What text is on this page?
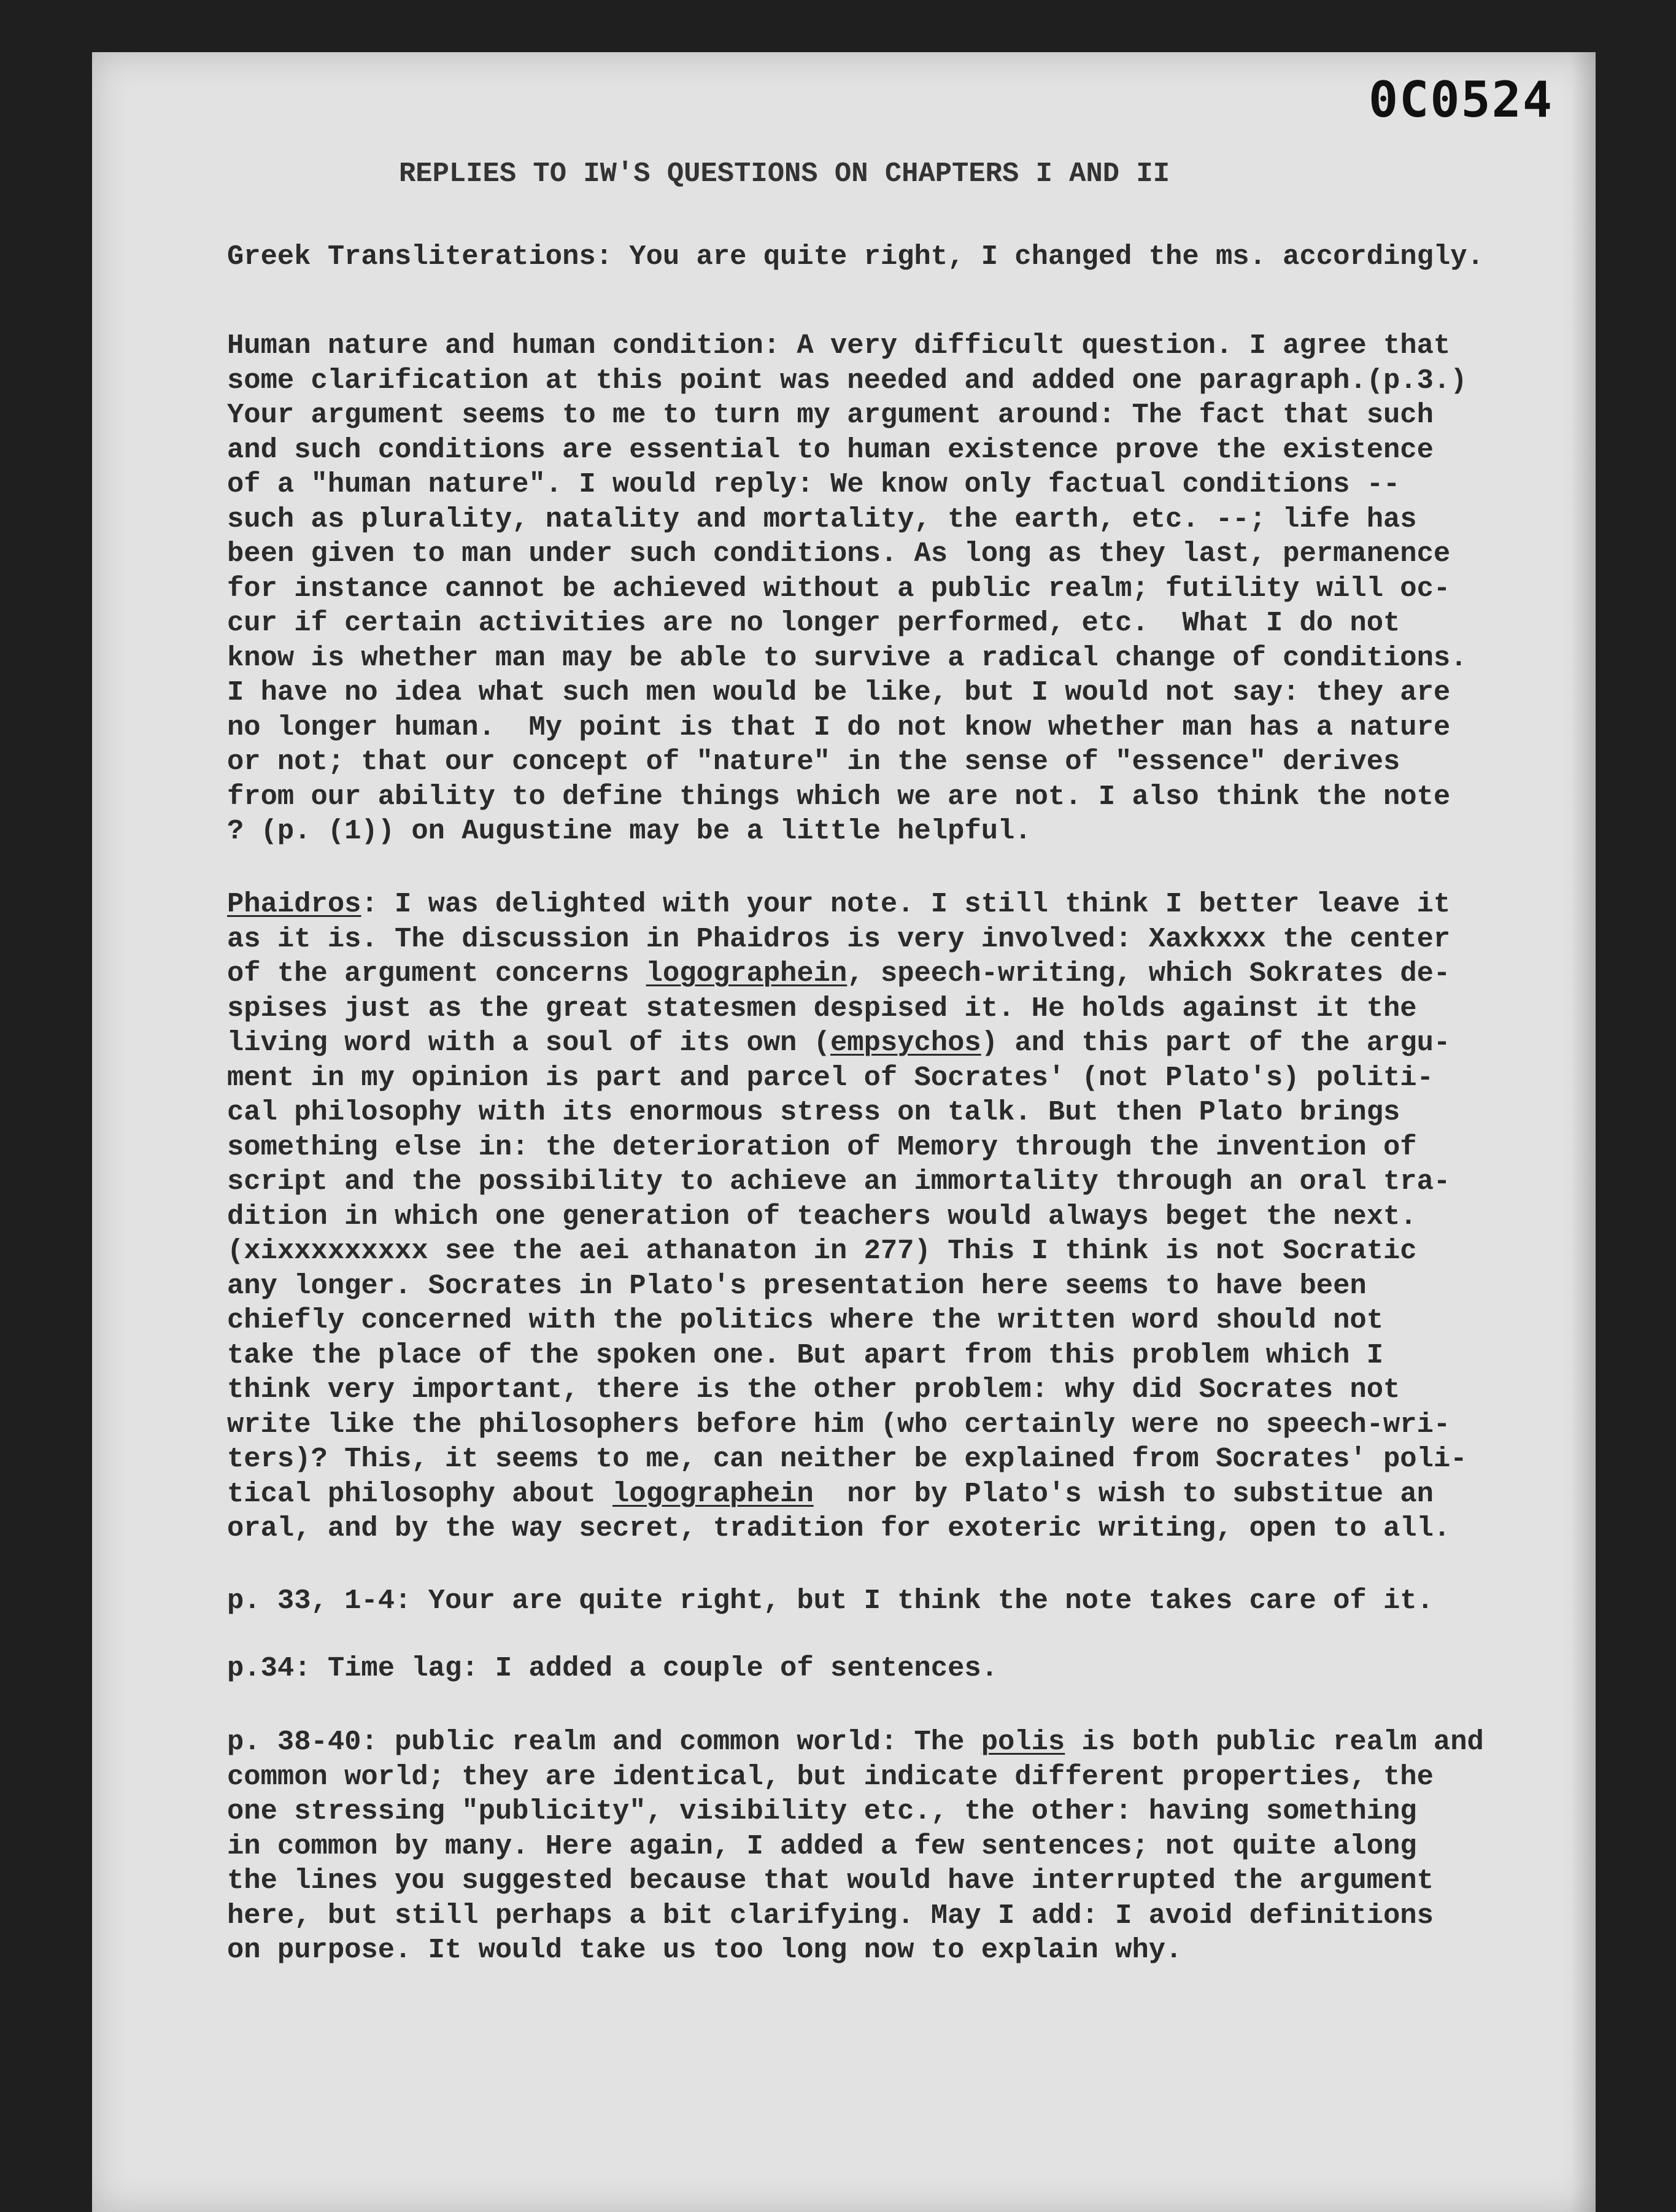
0C0524
REPLIES TO IW'S QUESTIONS ON CHAPTERS I AND II
Greek Transliterations: You are quite right, I changed the ms. accordingly.
Human nature and human condition: A very difficult question. I agree that
some clarification at this point was needed and added one paragraph.(p.3.)
Your argument seems to me to turn my argument around: The fact that such
and such conditions are essential to human existence prove the existence
of a "human nature". I would reply: We know only factual conditions --
such as plurality, natality and mortality, the earth, etc. --; life has
been given to man under such conditions. As long as they last, permanence
for instance cannot be achieved without a public realm; futility will oc-
cur if certain activities are no longer performed, etc.  What I do not
know is whether man may be able to survive a radical change of conditions.
I have no idea what such men would be like, but I would not say: they are
no longer human.  My point is that I do not know whether man has a nature
or not; that our concept of "nature" in the sense of "essence" derives
from our ability to define things which we are not. I also think the note
? (p. (1)) on Augustine may be a little helpful.
Phaidros: I was delighted with your note. I still think I better leave it
as it is. The discussion in Phaidros is very involved: Xaxkxxx the center
of the argument concerns logographein, speech-writing, which Sokrates de-
spises just as the great statesmen despised it. He holds against it the
living word with a soul of its own (empsychos) and this part of the argu-
ment in my opinion is part and parcel of Socrates' (not Plato's) politi-
cal philosophy with its enormous stress on talk. But then Plato brings
something else in: the deterioration of Memory through the invention of
script and the possibility to achieve an immortality through an oral tra-
dition in which one generation of teachers would always beget the next.
(xixxxxxxxxx see the aei athanaton in 277) This I think is not Socratic
any longer. Socrates in Plato's presentation here seems to have been
chiefly concerned with the politics where the written word should not
take the place of the spoken one. But apart from this problem which I
think very important, there is the other problem: why did Socrates not
write like the philosophers before him (who certainly were no speech-wri-
ters)? This, it seems to me, can neither be explained from Socrates' poli-
tical philosophy about logographein  nor by Plato's wish to substitue an
oral, and by the way secret, tradition for exoteric writing, open to all.
p. 33, 1-4: Your are quite right, but I think the note takes care of it.
p.34: Time lag: I added a couple of sentences.
p. 38-40: public realm and common world: The polis is both public realm and
common world; they are identical, but indicate different properties, the
one stressing "publicity", visibility etc., the other: having something
in common by many. Here again, I added a few sentences; not quite along
the lines you suggested because that would have interrupted the argument
here, but still perhaps a bit clarifying. May I add: I avoid definitions
on purpose. It would take us too long now to explain why.
